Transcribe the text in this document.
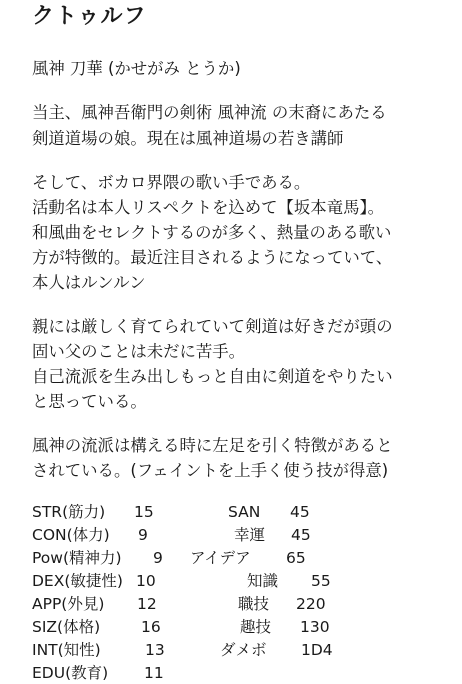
クトゥルフ
風神 刀華 (かせがみ とうか)
当主、風神吾衛門の剣術 風神流 の末裔にあたる
剣道道場の娘。現在は風神道場の若き講師
そして、ボカロ界隈の歌い手である。
活動名は本人リスペクトを込めて【坂本竜馬】。
和風曲をセレクトするのが多く、熱量のある歌い
方が特徴的。最近注目されるようになっていて、
本人はルンルン
親には厳しく育てられていて剣道は好きだが頭の
固い父のことは未だに苦手。
自己流派を生み出しもっと自由に剣道をやりたい
と思っている。
風神の流派は構える時に左足を引く特徴があると
されている。(フェイントを上手く使う技が得意)
STR(筋力) 15
CON(体力) 9
Pow(精神力) 9
DEX(敏捷性) 10
APP(外見) 12
SIZ(体格)	16
INT(知性)	13
EDU(教育) 11
SAN 45
幸運 45
アイデア 65
知識 55
職技 220
趣技 130
ダメボ 1D4
